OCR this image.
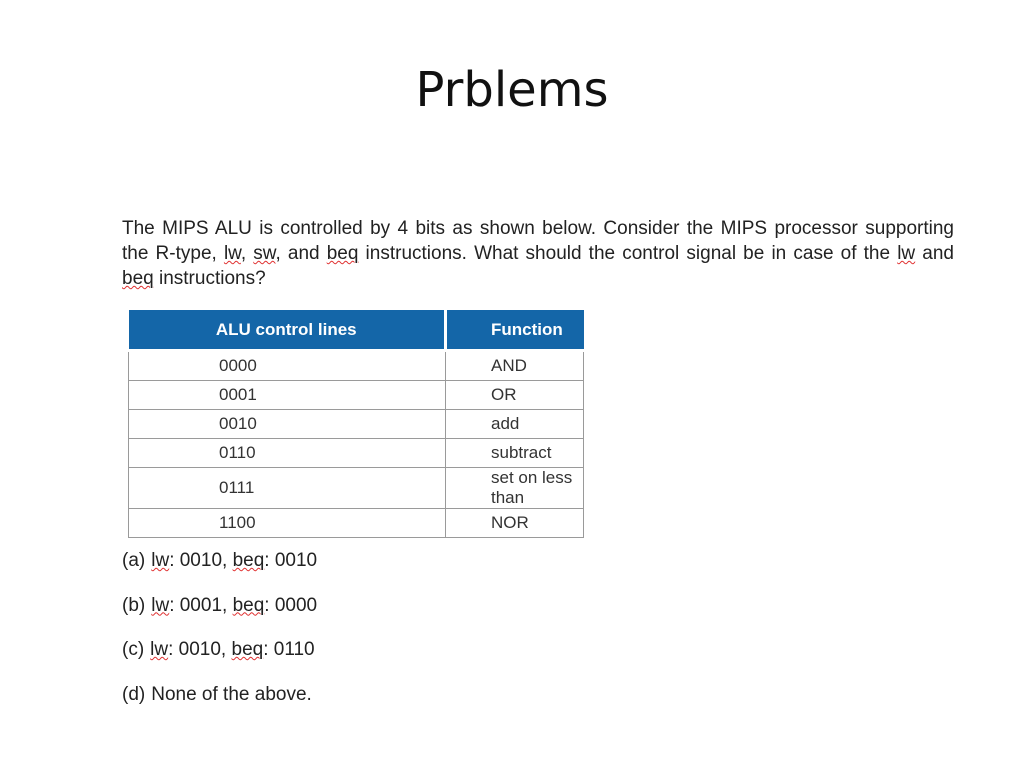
Prblems
The MIPS ALU is controlled by 4 bits as shown below. Consider the MIPS processor supporting the R-type, lw, sw, and beq instructions. What should the control signal be in case of the lw and beq instructions?
ALU control lines	Function
0000	AND
0001	OR
0010	add
0110	subtract
0111	set on less than
1100	NOR
(a) lw: 0010, beq: 0010
(b) lw: 0001, beq: 0000
(c) lw: 0010, beq: 0110
(d) None of the above.
